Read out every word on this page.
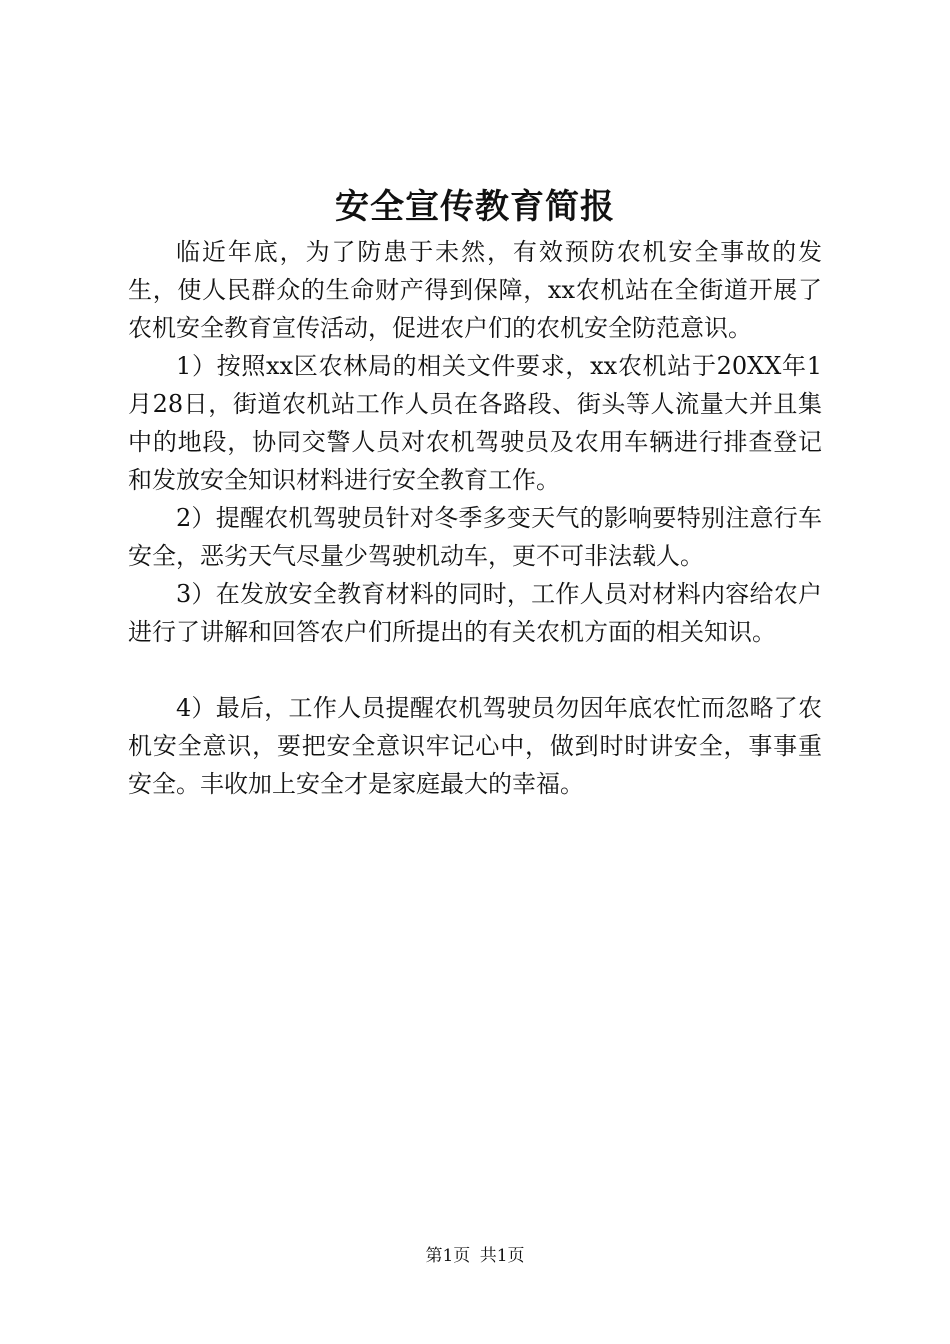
安全宣传教育简报

临近年底，为了防患于未然，有效预防农机安全事故的发生，使人民群众的生命财产得到保障，xx农机站在全街道开展了农机安全教育宣传活动，促进农户们的农机安全防范意识。

1）按照xx区农林局的相关文件要求，xx农机站于20XX年1月28日，街道农机站工作人员在各路段、街头等人流量大并且集中的地段，协同交警人员对农机驾驶员及农用车辆进行排查登记和发放安全知识材料进行安全教育工作。

2）提醒农机驾驶员针对冬季多变天气的影响要特别注意行车安全，恶劣天气尽量少驾驶机动车，更不可非法载人。

3）在发放安全教育材料的同时，工作人员对材料内容给农户进行了讲解和回答农户们所提出的有关农机方面的相关知识。

4）最后，工作人员提醒农机驾驶员勿因年底农忙而忽略了农机安全意识，要把安全意识牢记心中，做到时时讲安全，事事重安全。丰收加上安全才是家庭最大的幸福。

第1页 共1页
